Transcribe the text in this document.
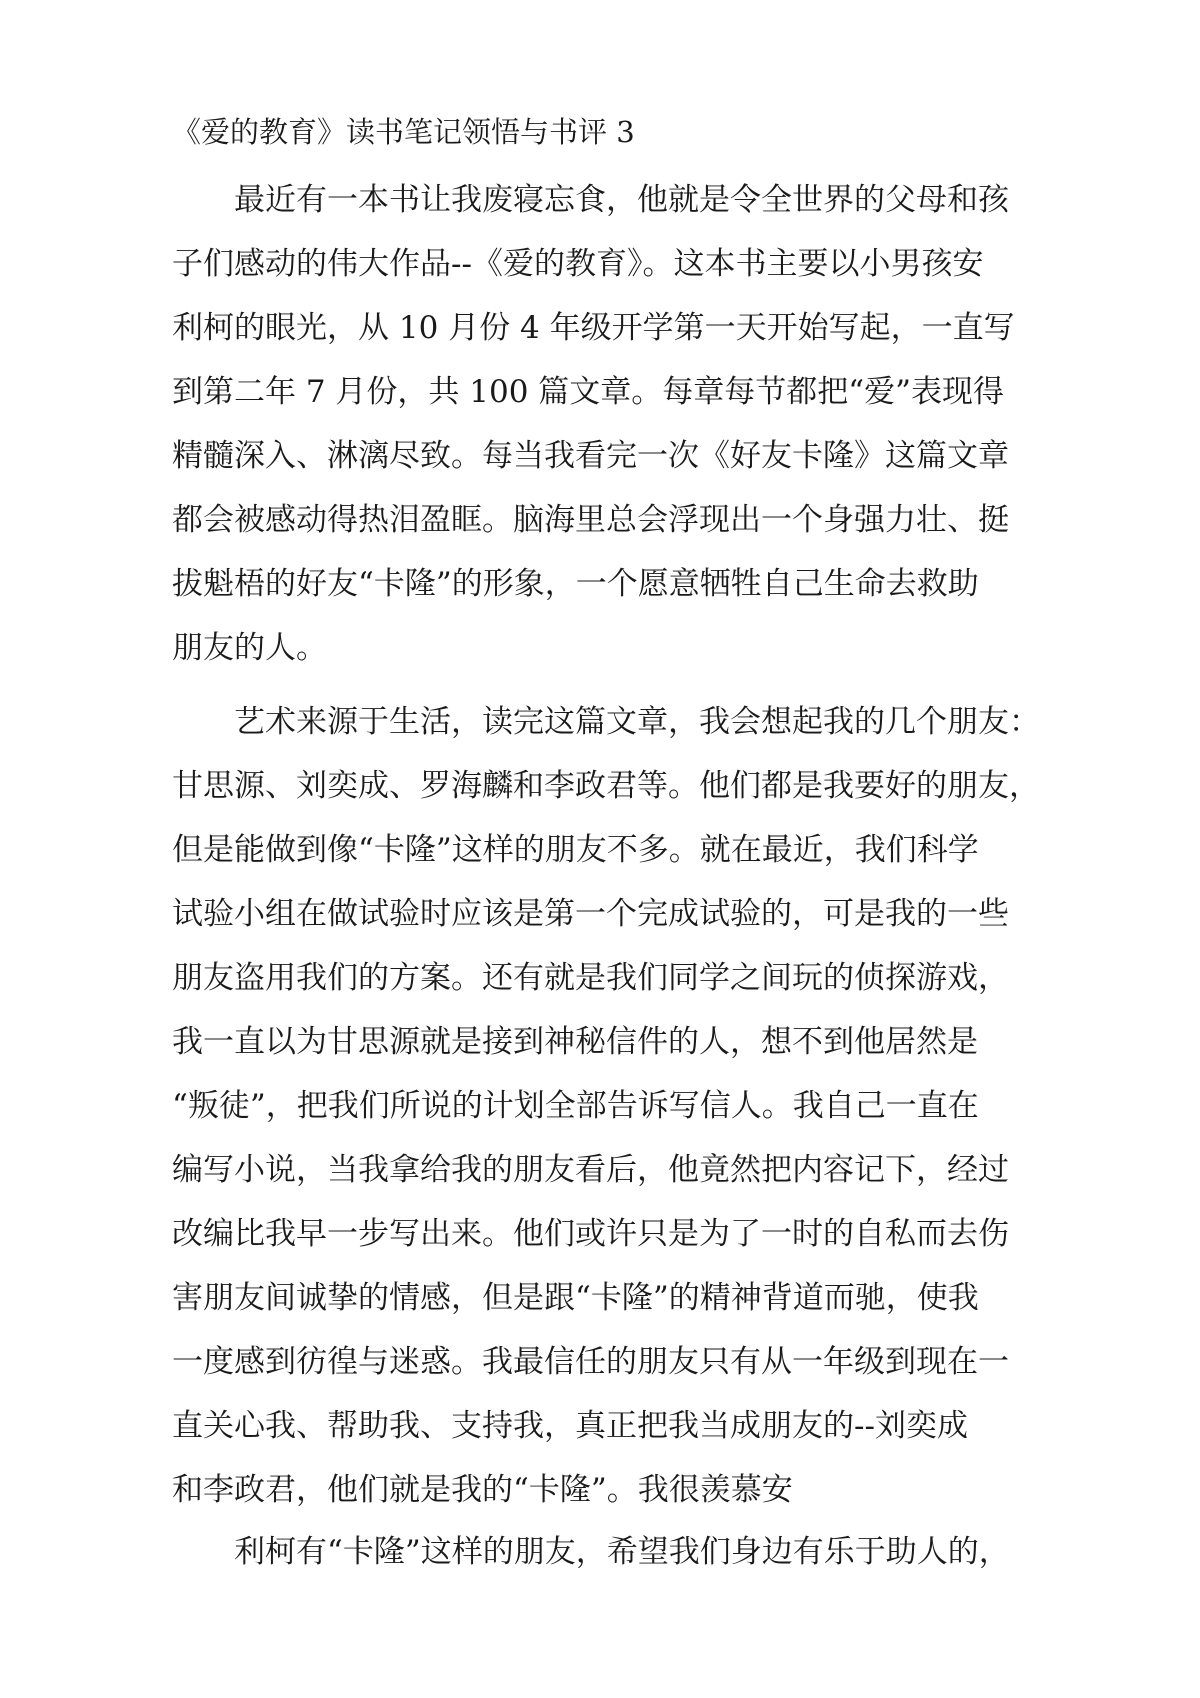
《爱的教育》读书笔记领悟与书评 3
最近有一本书让我废寝忘食，他就是令全世界的父母和孩
子们感动的伟大作品--《爱的教育》。这本书主要以小男孩安
利柯的眼光，从 10 月份 4 年级开学第一天开始写起，一直写
到第二年 7 月份，共 100 篇文章。每章每节都把“爱”表现得
精髓深入、淋漓尽致。每当我看完一次《好友卡隆》这篇文章
都会被感动得热泪盈眶。脑海里总会浮现出一个身强力壮、挺
拔魁梧的好友“卡隆”的形象，一个愿意牺牲自己生命去救助
朋友的人。
艺术来源于生活，读完这篇文章，我会想起我的几个朋友：
甘思源、刘奕成、罗海麟和李政君等。他们都是我要好的朋友，
但是能做到像“卡隆”这样的朋友不多。就在最近，我们科学
试验小组在做试验时应该是第一个完成试验的，可是我的一些
朋友盗用我们的方案。还有就是我们同学之间玩的侦探游戏，
我一直以为甘思源就是接到神秘信件的人，想不到他居然是
“叛徒”，把我们所说的计划全部告诉写信人。我自己一直在
编写小说，当我拿给我的朋友看后，他竟然把内容记下，经过
改编比我早一步写出来。他们或许只是为了一时的自私而去伤
害朋友间诚挚的情感，但是跟“卡隆”的精神背道而驰，使我
一度感到彷徨与迷惑。我最信任的朋友只有从一年级到现在一
直关心我、帮助我、支持我，真正把我当成朋友的--刘奕成
和李政君，他们就是我的“卡隆”。我很羡慕安
利柯有“卡隆”这样的朋友，希望我们身边有乐于助人的，
